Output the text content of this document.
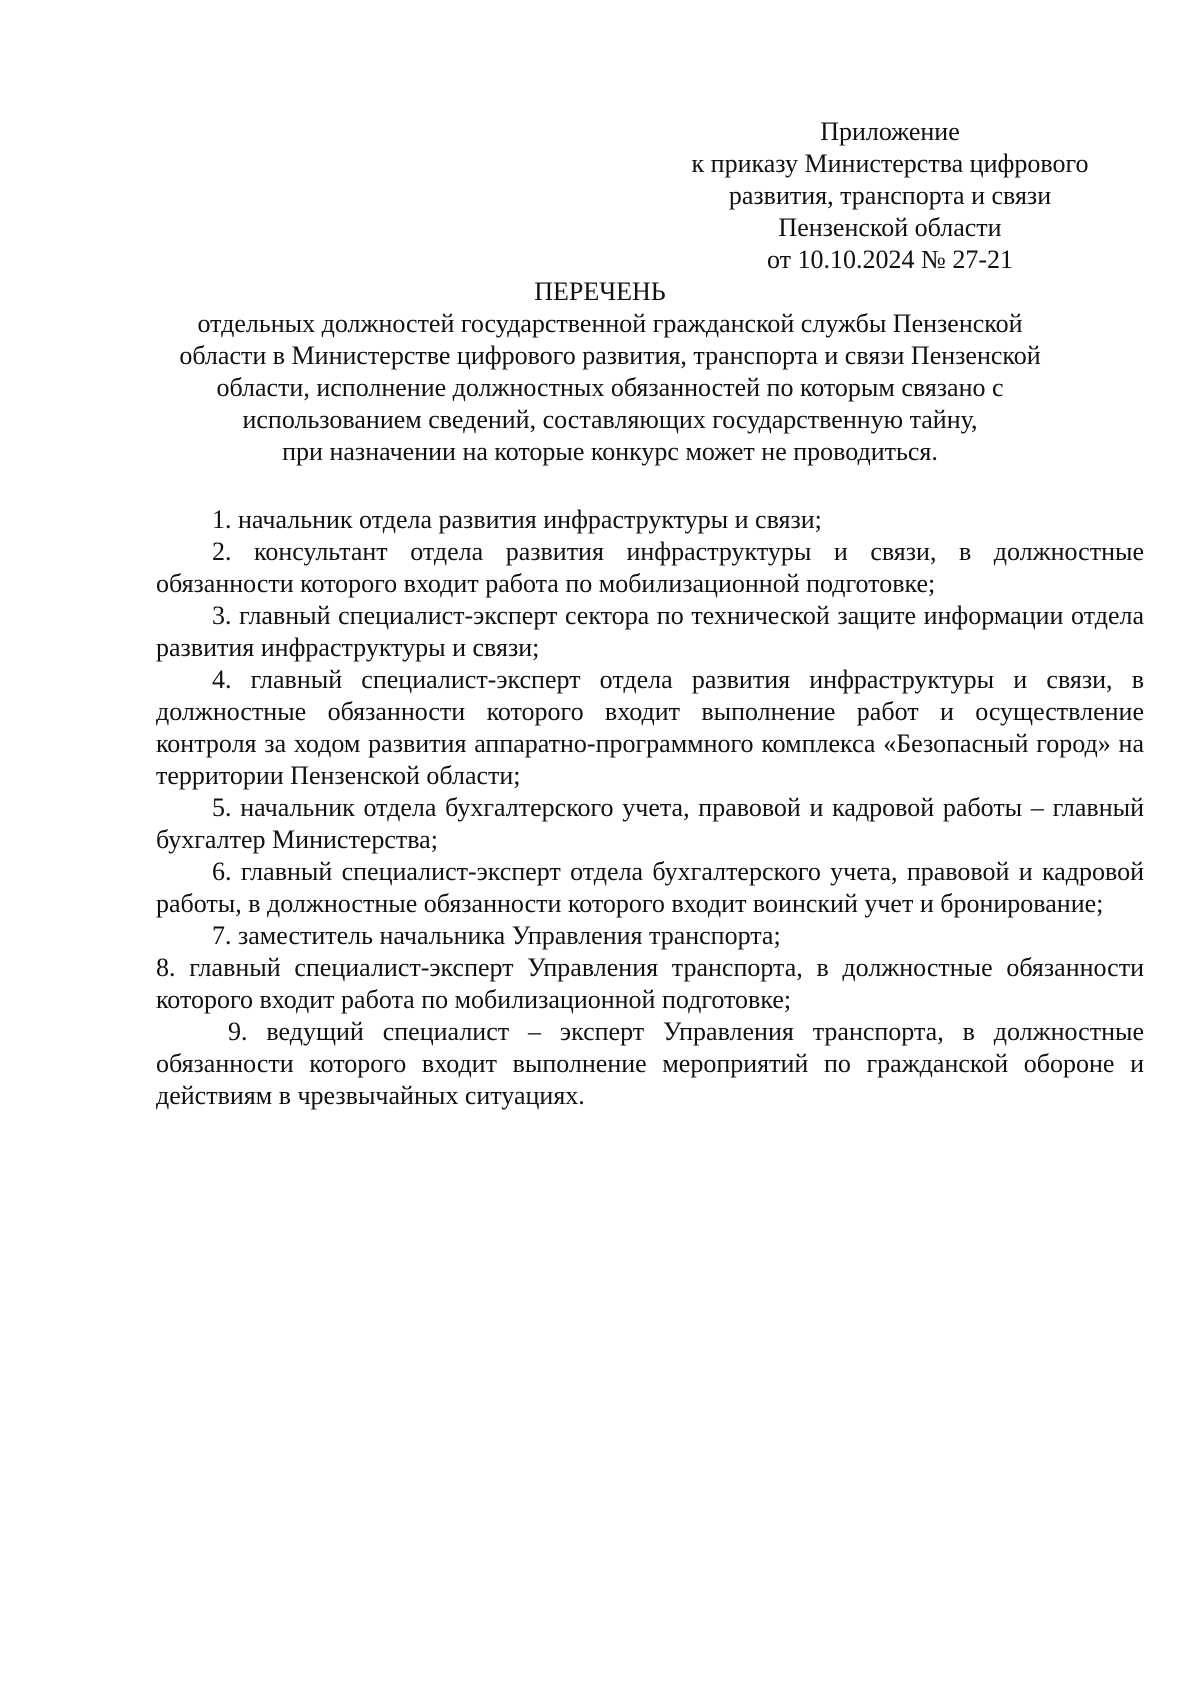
Приложение
к приказу Министерства цифрового
развития, транспорта и связи
Пензенской области
от 10.10.2024 № 27-21
ПЕРЕЧЕНЬ
отдельных должностей государственной гражданской службы Пензенской
области в Министерстве цифрового развития, транспорта и связи Пензенской
области, исполнение должностных обязанностей по которым связано с
использованием сведений, составляющих государственную тайну,
при назначении на которые конкурс может не проводиться.

1. начальник отдела развития инфраструктуры и связи;

2. консультант отдела развития инфраструктуры и связи, в должностные обязанности которого входит работа по мобилизационной подготовке;

3. главный специалист-эксперт сектора по технической защите информации отдела развития инфраструктуры и связи;

4. главный специалист-эксперт отдела развития инфраструктуры и связи, в должностные обязанности которого входит выполнение работ и осуществление контроля за ходом развития аппаратно-программного комплекса «Безопасный город» на территории Пензенской области;

5. начальник отдела бухгалтерского учета, правовой и кадровой работы – главный бухгалтер Министерства;

6. главный специалист-эксперт отдела бухгалтерского учета, правовой и кадровой работы, в должностные обязанности которого входит воинский учет и бронирование;

7. заместитель начальника Управления транспорта;

8. главный специалист-эксперт Управления транспорта, в должностные обязанности которого входит работа по мобилизационной подготовке;

9. ведущий специалист – эксперт Управления транспорта, в должностные обязанности которого входит выполнение мероприятий по гражданской обороне и действиям в чрезвычайных ситуациях.
